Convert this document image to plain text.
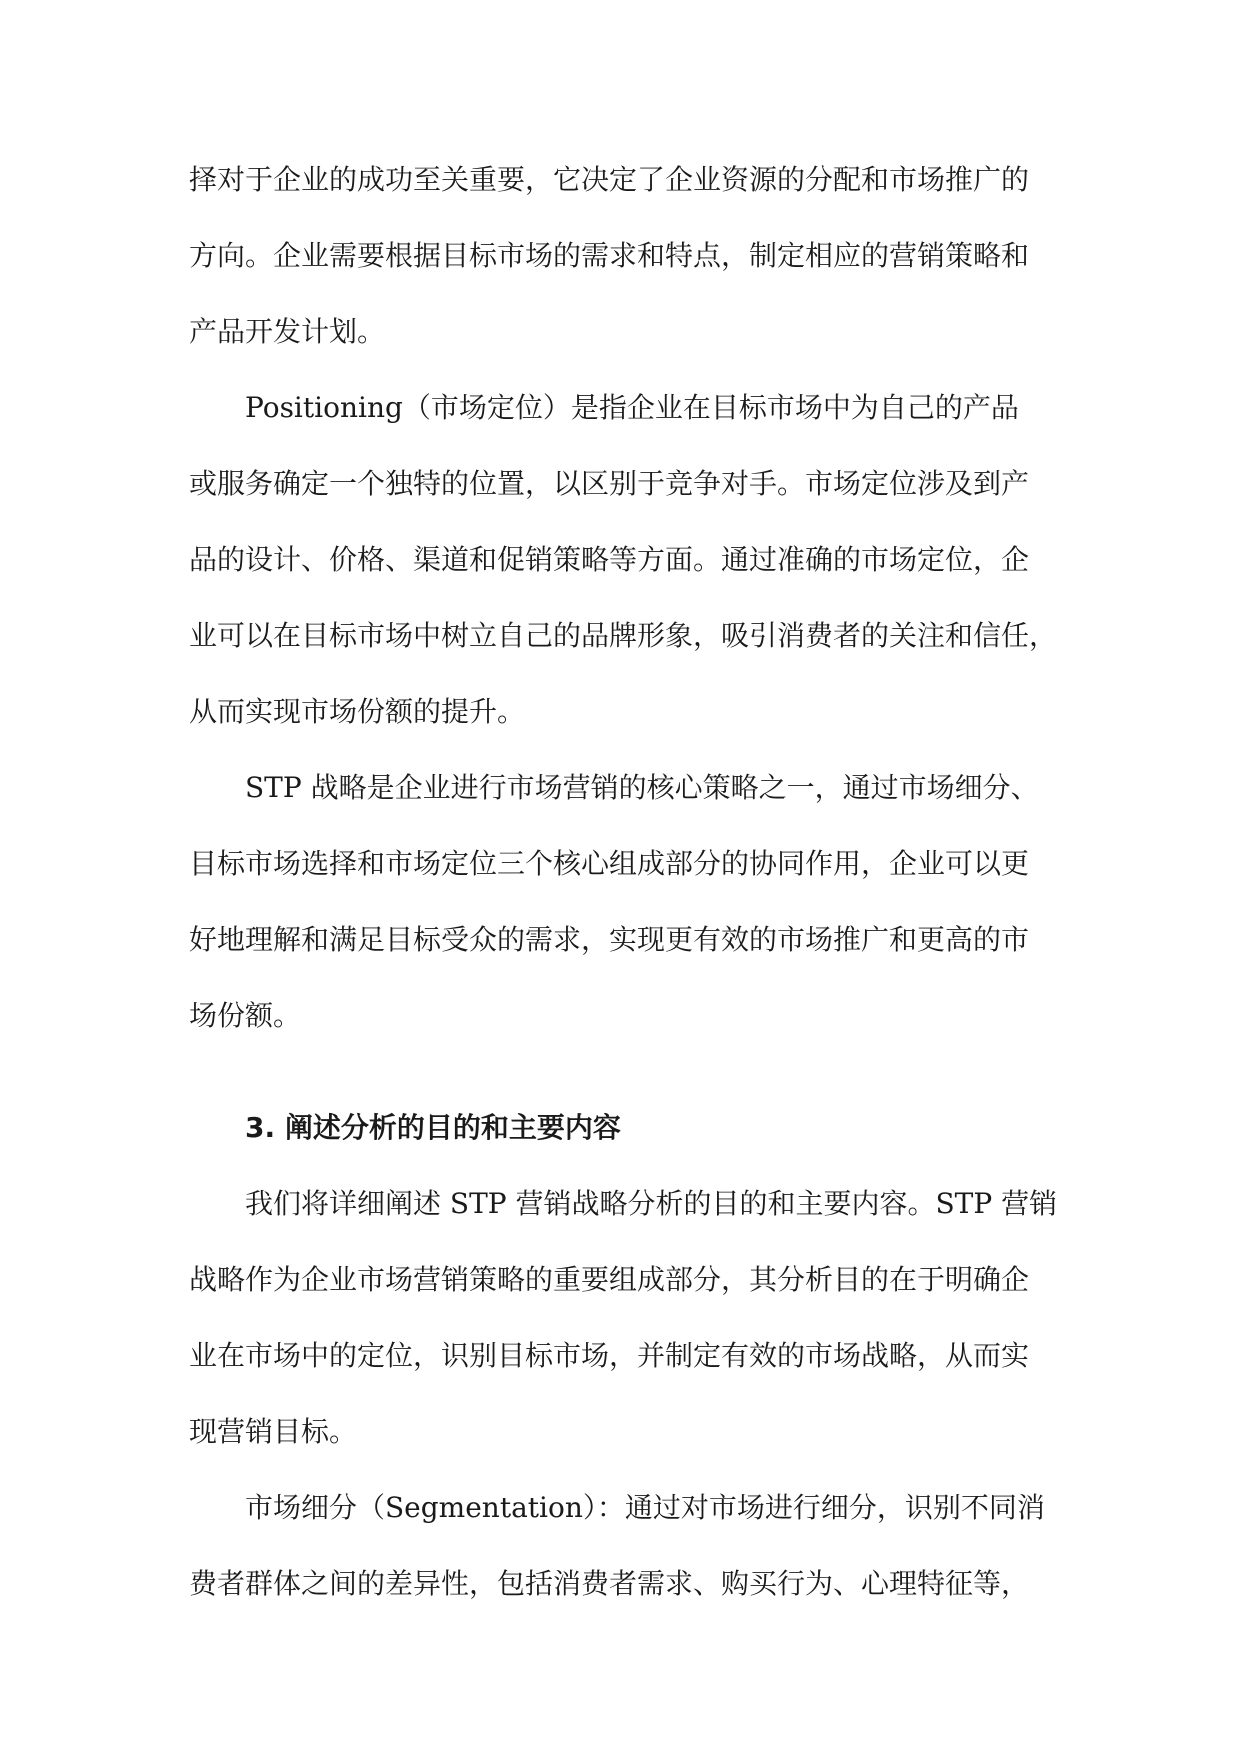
择对于企业的成功至关重要，它决定了企业资源的分配和市场推广的

方向。企业需要根据目标市场的需求和特点，制定相应的营销策略和

产品开发计划。

Positioning（市场定位）是指企业在目标市场中为自己的产品

或服务确定一个独特的位置，以区别于竞争对手。市场定位涉及到产

品的设计、价格、渠道和促销策略等方面。通过准确的市场定位，企

业可以在目标市场中树立自己的品牌形象，吸引消费者的关注和信任，

从而实现市场份额的提升。

STP 战略是企业进行市场营销的核心策略之一，通过市场细分、

目标市场选择和市场定位三个核心组成部分的协同作用，企业可以更

好地理解和满足目标受众的需求，实现更有效的市场推广和更高的市

场份额。

3. 阐述分析的目的和主要内容

我们将详细阐述 STP 营销战略分析的目的和主要内容。STP 营销

战略作为企业市场营销策略的重要组成部分，其分析目的在于明确企

业在市场中的定位，识别目标市场，并制定有效的市场战略，从而实

现营销目标。

市场细分（Segmentation）：通过对市场进行细分，识别不同消

费者群体之间的差异性，包括消费者需求、购买行为、心理特征等，
